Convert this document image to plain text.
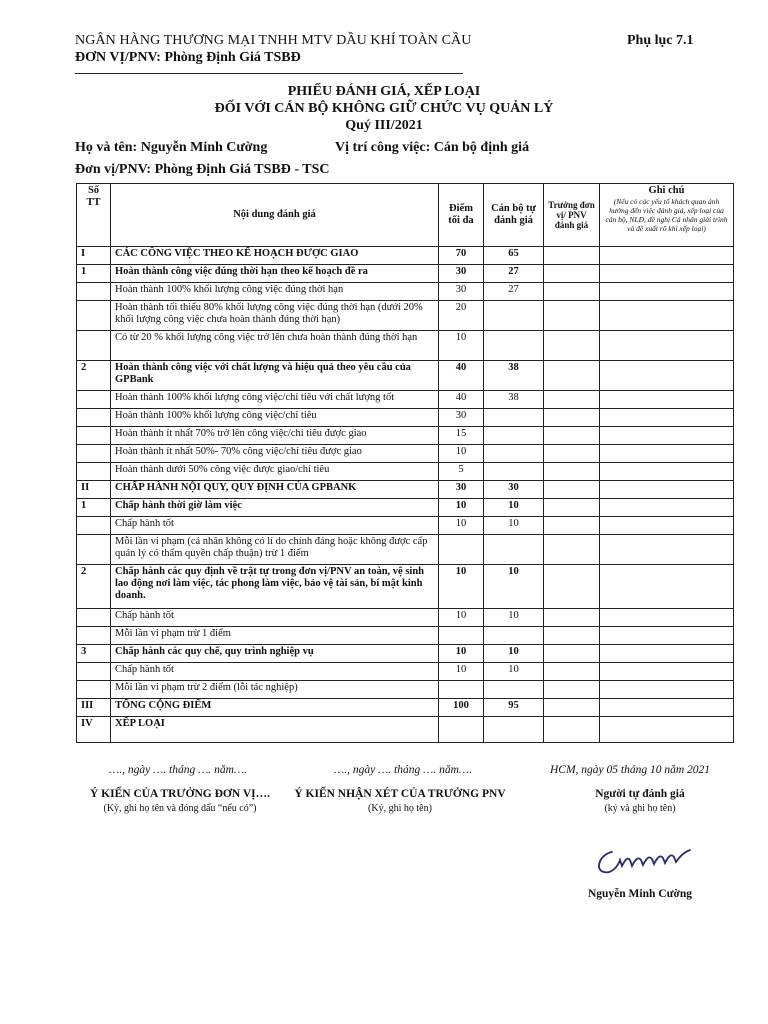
NGÂN HÀNG THƯƠNG MẠI TNHH MTV DẦU KHÍ TOÀN CẦU	Phụ lục 7.1
ĐƠN VỊ/PNV: Phòng Định Giá TSBĐ
PHIẾU ĐÁNH GIÁ, XẾP LOẠI
ĐỐI VỚI CÁN BỘ KHÔNG GIỮ CHỨC VỤ QUẢN LÝ
Quý III/2021
Họ và tên: Nguyễn Minh Cường	Vị trí công việc: Cán bộ định giá
Đơn vị/PNV: Phòng Định Giá TSBĐ - TSC
Số TT	Nội dung đánh giá	Điểm tối đa	Cán bộ tự đánh giá	Trưởng đơn vị/ PNV đánh giá	Ghi chú
(Nếu có các yếu tố khách quan ảnh hưởng đến việc đánh giá, xếp loại của cán bộ, NLĐ, đề nghị Cá nhân giải trình và đề xuất rõ khi xếp loại)

I	CÁC CÔNG VIỆC THEO KẾ HOẠCH ĐƯỢC GIAO	70	65		
1	Hoàn thành công việc đúng thời hạn theo kế hoạch đề ra	30	27		
	Hoàn thành 100% khối lượng công việc đúng thời hạn	30	27		
	Hoàn thành tối thiểu 80% khối lượng công việc đúng thời hạn (dưới 20% khối lượng công việc chưa hoàn thành đúng thời hạn)	20			
	Có từ 20 % khối lượng công việc trở lên chưa hoàn thành đúng thời hạn	10			
2	Hoàn thành công việc với chất lượng và hiệu quả theo yêu cầu của GPBank	40	38		
	Hoàn thành 100% khối lượng công việc/chỉ tiêu với chất lượng tốt	40	38		
	Hoàn thành 100% khối lượng công việc/chỉ tiêu	30			
	Hoàn thành ít nhất 70% trở lên công việc/chỉ tiêu được giao	15			
	Hoàn thành ít nhất 50%- 70% công việc/chỉ tiêu được giao	10			
	Hoàn thành dưới 50% công việc được giao/chỉ tiêu	5			
II	CHẤP HÀNH NỘI QUY, QUY ĐỊNH CỦA GPBANK	30	30		
1	Chấp hành thời giờ làm việc	10	10		
	Chấp hành tốt	10	10		
	Mỗi lần vi phạm (cá nhân không có lí do chính đáng hoặc không được cấp quản lý có thẩm quyền chấp thuận) trừ 1 điểm				
2	Chấp hành các quy định về trật tự trong đơn vị/PNV an toàn, vệ sinh lao động nơi làm việc, tác phong làm việc, bảo vệ tài sản, bí mật kinh doanh.	10	10		
	Chấp hành tốt	10	10		
	Mỗi lần vi phạm trừ 1 điểm				
3	Chấp hành các quy chế, quy trình nghiệp vụ	10	10		
	Chấp hành tốt	10	10		
	Mỗi lần vi phạm trừ 2 điểm (lỗi tác nghiệp)				
III	TỔNG CỘNG ĐIỂM	100	95		
IV	XẾP LOẠI				
…., ngày …. tháng …. năm….	…., ngày …. tháng …. năm….	HCM, ngày 05 tháng 10 năm 2021
Ý KIẾN CỦA TRƯỞNG ĐƠN VỊ….
(Ký, ghi họ tên và đóng dấu “nếu có”)
Ý KIẾN NHẬN XÉT CỦA TRƯỞNG PNV
(Ký, ghi họ tên)
Người tự đánh giá
(ký và ghi họ tên)
Nguyễn Minh Cường
